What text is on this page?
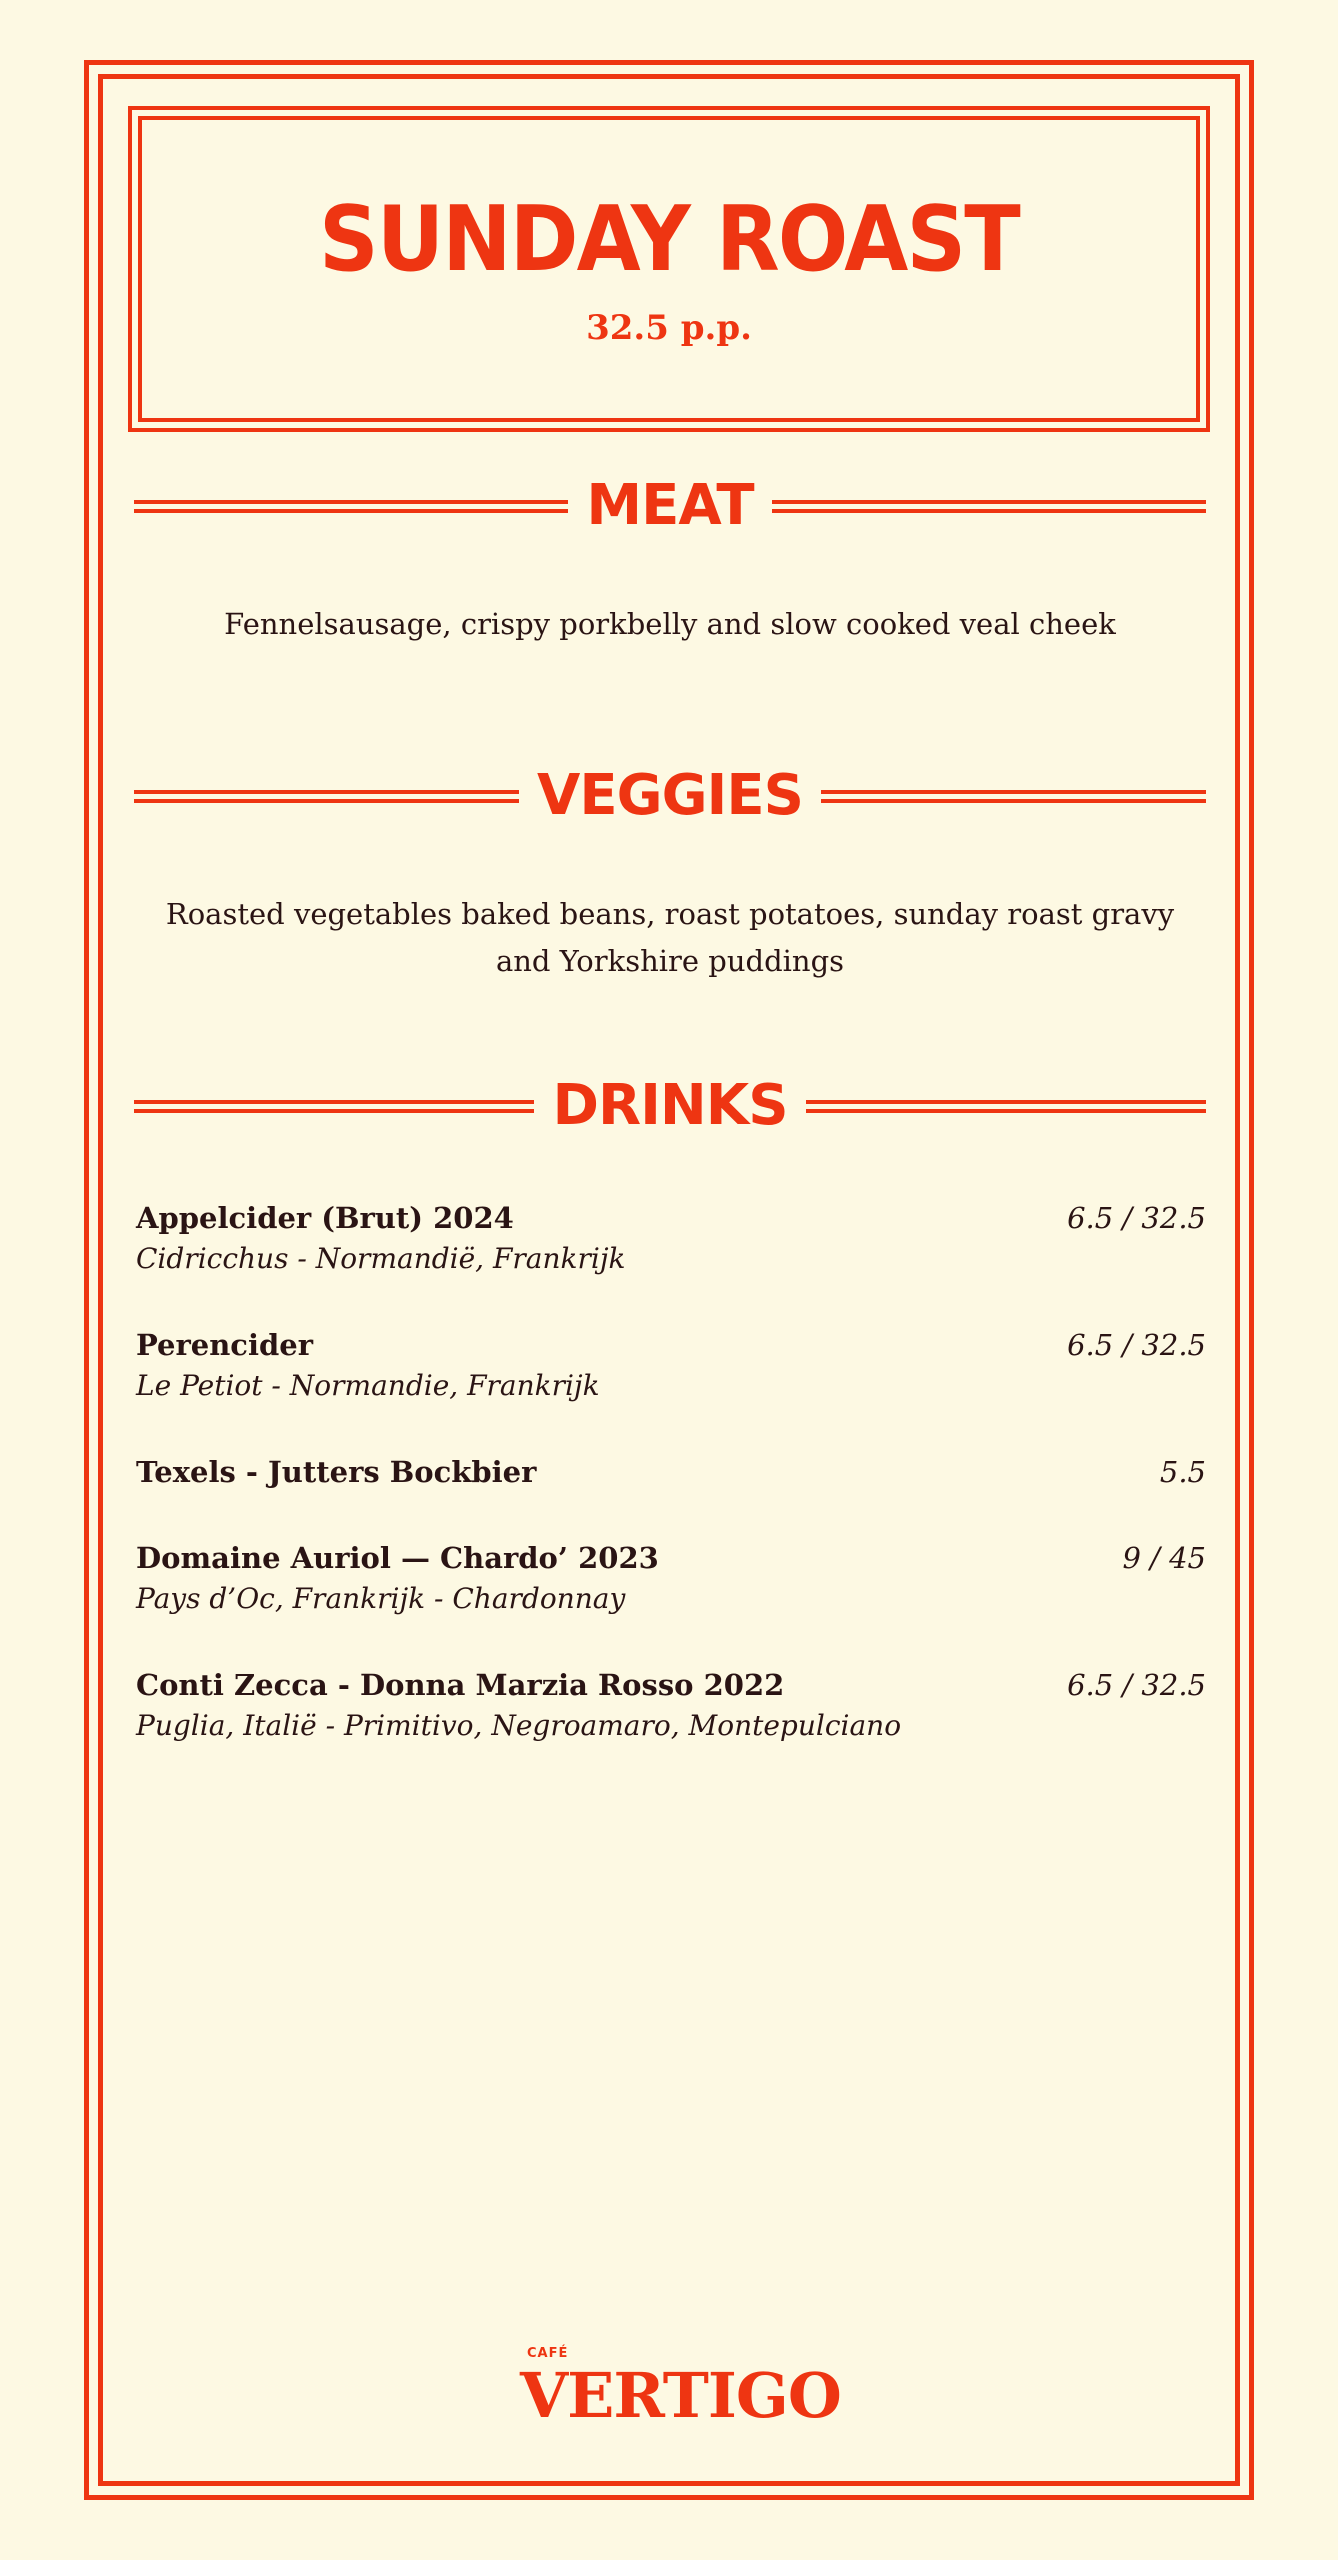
SUNDAY ROAST
32.5 p.p.
MEAT
Fennelsausage, crispy porkbelly and slow cooked veal cheek
VEGGIES
Roasted vegetables baked beans, roast potatoes, sunday roast gravy
and Yorkshire puddings
DRINKS
Appelcider (Brut) 2024
Cidricchus - Normandië, Frankrijk
6.5 / 32.5
Perencider
Le Petiot - Normandie, Frankrijk
6.5 / 32.5
Texels - Jutters Bockbier	5.5
Domaine Auriol — Chardo’ 2023
Pays d’Oc, Frankrijk - Chardonnay
9 / 45
Conti Zecca - Donna Marzia Rosso 2022
Puglia, Italië - Primitivo, Negroamaro, Montepulciano
6.5 / 32.5
CAFÉ
VERTIGO
